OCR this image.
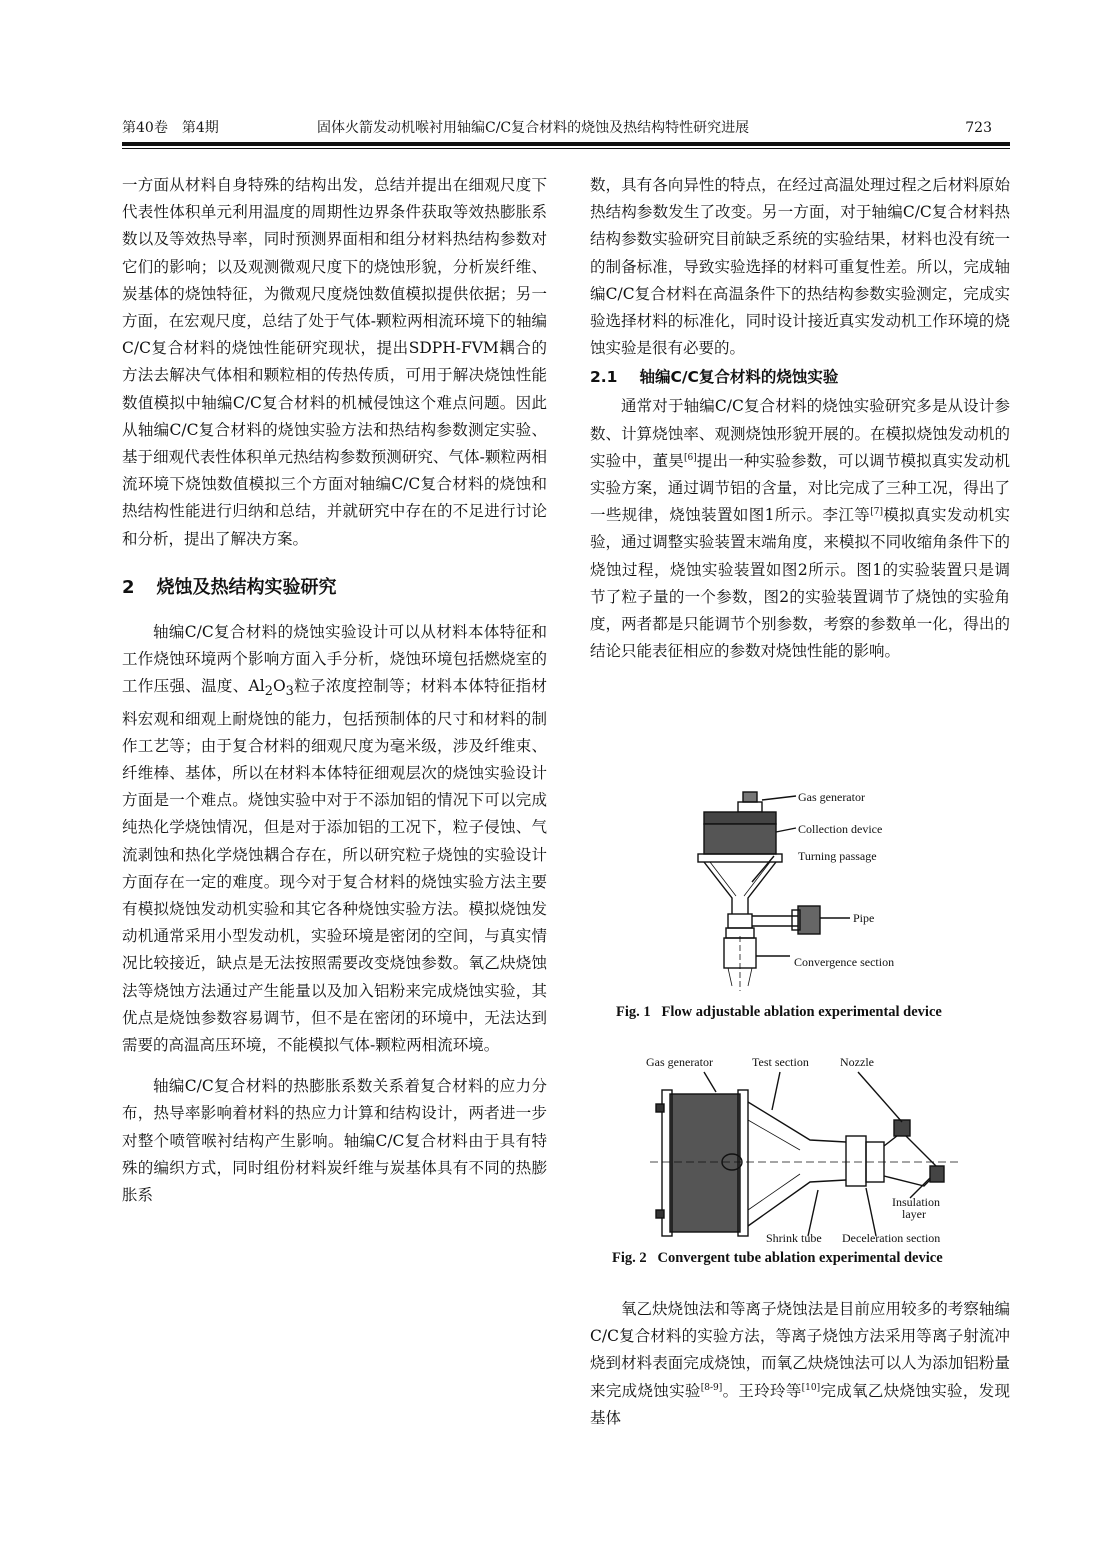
第40卷　第4期	固体火箭发动机喉衬用轴编C/C复合材料的烧蚀及热结构特性研究进展	723

一方面从材料自身特殊的结构出发，总结并提出在细观尺度下代表性体积单元利用温度的周期性边界条件获取等效热膨胀系数以及等效热导率，同时预测界面相和组分材料热结构参数对它们的影响；以及观测微观尺度下的烧蚀形貌，分析炭纤维、炭基体的烧蚀特征，为微观尺度烧蚀数值模拟提供依据；另一方面，在宏观尺度，总结了处于气体-颗粒两相流环境下的轴编C/C复合材料的烧蚀性能研究现状，提出SDPH-FVM耦合的方法去解决气体相和颗粒相的传热传质，可用于解决烧蚀性能数值模拟中轴编C/C复合材料的机械侵蚀这个难点问题。因此从轴编C/C复合材料的烧蚀实验方法和热结构参数测定实验、基于细观代表性体积单元热结构参数预测研究、气体-颗粒两相流环境下烧蚀数值模拟三个方面对轴编C/C复合材料的烧蚀和热结构性能进行归纳和总结，并就研究中存在的不足进行讨论和分析，提出了解决方案。

2 烧蚀及热结构实验研究

轴编C/C复合材料的烧蚀实验设计可以从材料本体特征和工作烧蚀环境两个影响方面入手分析，烧蚀环境包括燃烧室的工作压强、温度、$Al_2O_3$粒子浓度控制等；材料本体特征指材料宏观和细观上耐烧蚀的能力，包括预制体的尺寸和材料的制作工艺等；由于复合材料的细观尺度为毫米级，涉及纤维束、纤维棒、基体，所以在材料本体特征细观层次的烧蚀实验设计方面是一个难点。烧蚀实验中对于不添加铝的情况下可以完成纯热化学烧蚀情况，但是对于添加铝的工况下，粒子侵蚀、气流剥蚀和热化学烧蚀耦合存在，所以研究粒子烧蚀的实验设计方面存在一定的难度。现今对于复合材料的烧蚀实验方法主要有模拟烧蚀发动机实验和其它各种烧蚀实验方法。模拟烧蚀发动机通常采用小型发动机，实验环境是密闭的空间，与真实情况比较接近，缺点是无法按照需要改变烧蚀参数。氧乙炔烧蚀法等烧蚀方法通过产生能量以及加入铝粉来完成烧蚀实验，其优点是烧蚀参数容易调节，但不是在密闭的环境中，无法达到需要的高温高压环境，不能模拟气体-颗粒两相流环境。

轴编C/C复合材料的热膨胀系数关系着复合材料的应力分布，热导率影响着材料的热应力计算和结构设计，两者进一步对整个喷管喉衬结构产生影响。轴编C/C复合材料由于具有特殊的编织方式，同时组份材料炭纤维与炭基体具有不同的热膨胀系

数，具有各向异性的特点，在经过高温处理过程之后材料原始热结构参数发生了改变。另一方面，对于轴编C/C复合材料热结构参数实验研究目前缺乏系统的实验结果，材料也没有统一的制备标准，导致实验选择的材料可重复性差。所以，完成轴编C/C复合材料在高温条件下的热结构参数实验测定，完成实验选择材料的标准化，同时设计接近真实发动机工作环境的烧蚀实验是很有必要的。

2.1 轴编C/C复合材料的烧蚀实验

通常对于轴编C/C复合材料的烧蚀实验研究多是从设计参数、计算烧蚀率、观测烧蚀形貌开展的。在模拟烧蚀发动机的实验中，董昊[6]提出一种实验参数，可以调节模拟真实发动机实验方案，通过调节铝的含量，对比完成了三种工况，得出了一些规律，烧蚀装置如图1所示。李江等[7]模拟真实发动机实验，通过调整实验装置末端角度，来模拟不同收缩角条件下的烧蚀过程，烧蚀实验装置如图2所示。图1的实验装置只是调节了粒子量的一个参数，图2的实验装置调节了烧蚀的实验角度，两者都是只能调节个别参数，考察的参数单一化，得出的结论只能表征相应的参数对烧蚀性能的影响。

Gas generator
Collection device
Turning passage
Pipe
Convergence section
Fig. 1 Flow adjustable ablation experimental device
Gas generator	Test section	Nozzle
Insulation
layer
Shrink tube Deceleration section
Fig. 2 Convergent tube ablation experimental device

氧乙炔烧蚀法和等离子烧蚀法是目前应用较多的考察轴编C/C复合材料的实验方法，等离子烧蚀方法采用等离子射流冲烧到材料表面完成烧蚀，而氧乙炔烧蚀法可以人为添加铝粉量来完成烧蚀实验[8-9]。王玲玲等[10]完成氧乙炔烧蚀实验，发现基体
